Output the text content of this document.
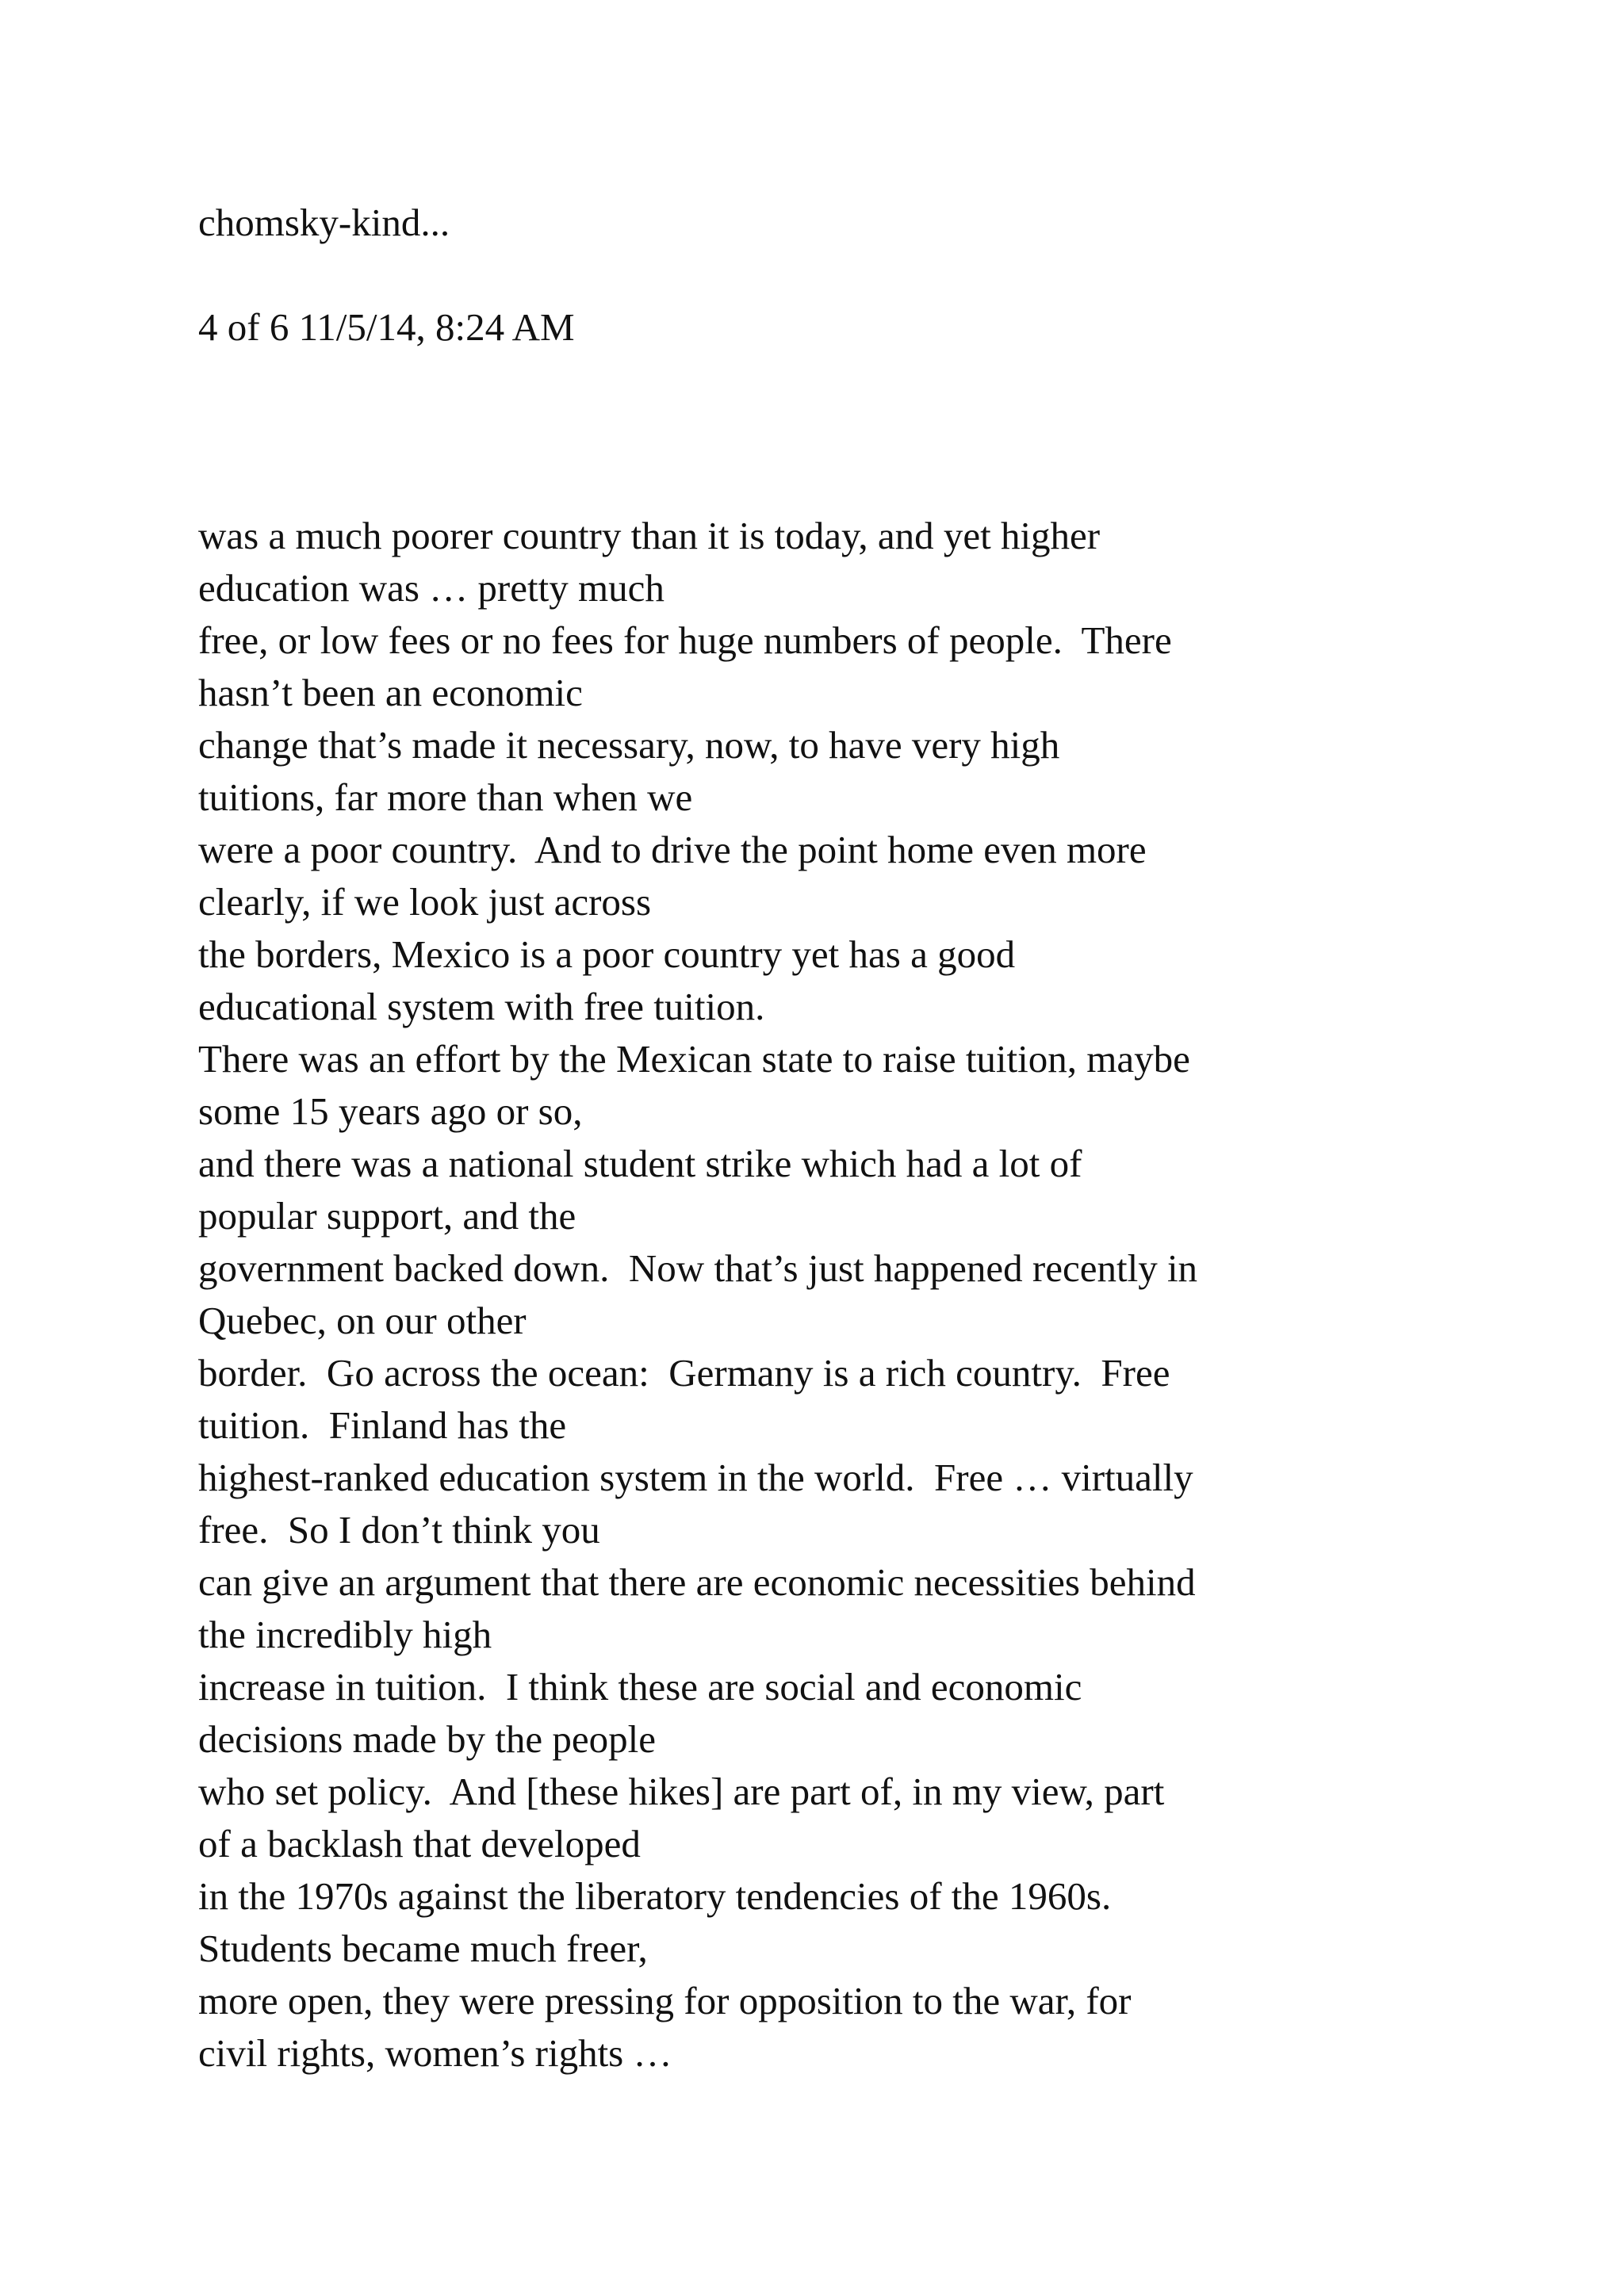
chomsky-kind...

4 of 6 11/5/14, 8:24 AM

was a much poorer country than it is today, and yet higher
education was … pretty much
free, or low fees or no fees for huge numbers of people.  There
hasn’t been an economic
change that’s made it necessary, now, to have very high
tuitions, far more than when we
were a poor country.  And to drive the point home even more
clearly, if we look just across
the borders, Mexico is a poor country yet has a good
educational system with free tuition.
There was an effort by the Mexican state to raise tuition, maybe
some 15 years ago or so,
and there was a national student strike which had a lot of
popular support, and the
government backed down.  Now that’s just happened recently in
Quebec, on our other
border.  Go across the ocean:  Germany is a rich country.  Free
tuition.  Finland has the
highest-ranked education system in the world.  Free … virtually
free.  So I don’t think you
can give an argument that there are economic necessities behind
the incredibly high
increase in tuition.  I think these are social and economic
decisions made by the people
who set policy.  And [these hikes] are part of, in my view, part
of a backlash that developed
in the 1970s against the liberatory tendencies of the 1960s.
Students became much freer,
more open, they were pressing for opposition to the war, for
civil rights, women’s rights …
